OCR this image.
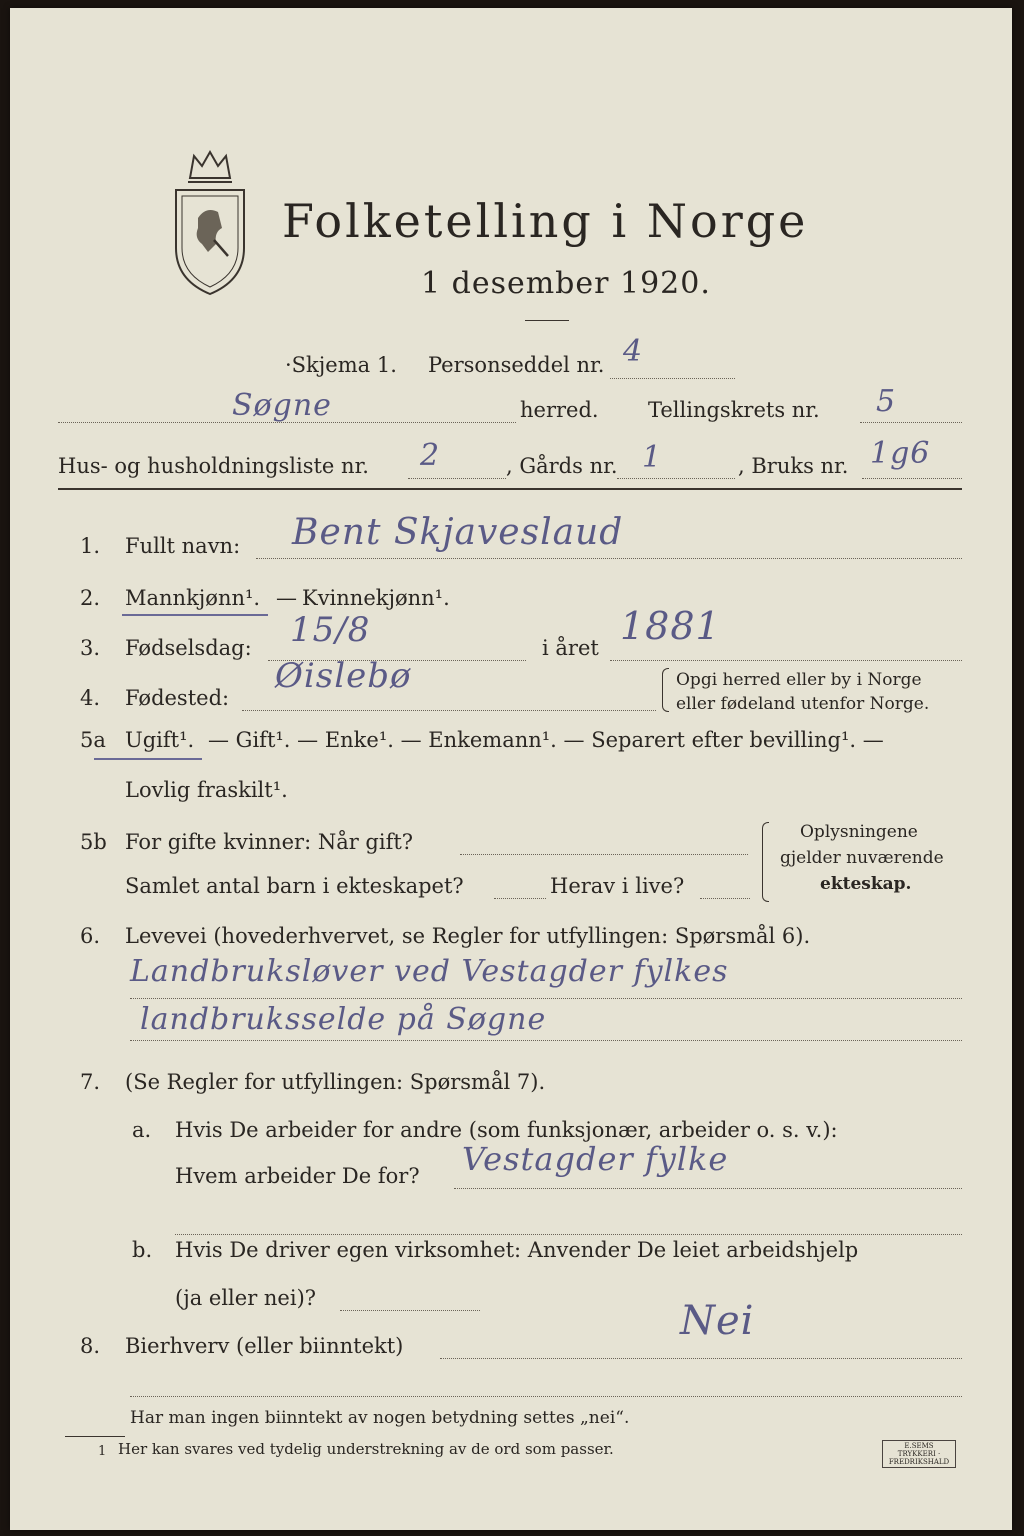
Folketelling i Norge
1 desember 1920.
·Skjema 1. Personseddel nr. 4
Søgne	herred. Tellingskrets nr. 5
Hus- og husholdningsliste nr. 2	, Gårds nr. 1	, Bruks nr. 1g6
1. Fullt navn: Bent Skjaveslaud
2. Mannkjønn¹. — Kvinnekjønn¹.
3. Fødselsdag: 15/8	i året 1881
4. Fødested:
Øislebø	Opgi herred eller by i Norge
eller fødeland utenfor Norge.
5a Ugift¹. — Gift¹. — Enke¹. — Enkemann¹. — Separert efter bevilling¹. —
Lovlig fraskilt¹.
5b For gifte kvinner: Når gift?
Samlet antal barn i ekteskapet?	Herav i live?
Oplysningene
gjelder nuværende
ekteskap.
6. Levevei (hovederhvervet, se Regler for utfyllingen: Spørsmål 6).
Landbruksløver ved Vestagder fylkes
landbruksselde på Søgne
7. (Se Regler for utfyllingen: Spørsmål 7).
a. Hvis De arbeider for andre (som funksjonær, arbeider o. s. v.):
Hvem arbeider De for? Vestagder fylke
b. Hvis De driver egen virksomhet: Anvender De leiet arbeidshjelp
(ja eller nei)?
8. Bierhverv (eller biinntekt)
Nei
Har man ingen biinntekt av nogen betydning settes „nei“.
1 Her kan svares ved tydelig understrekning av de ord som passer.	E.SEMS TRYKKERI · FREDRIKSHALD
